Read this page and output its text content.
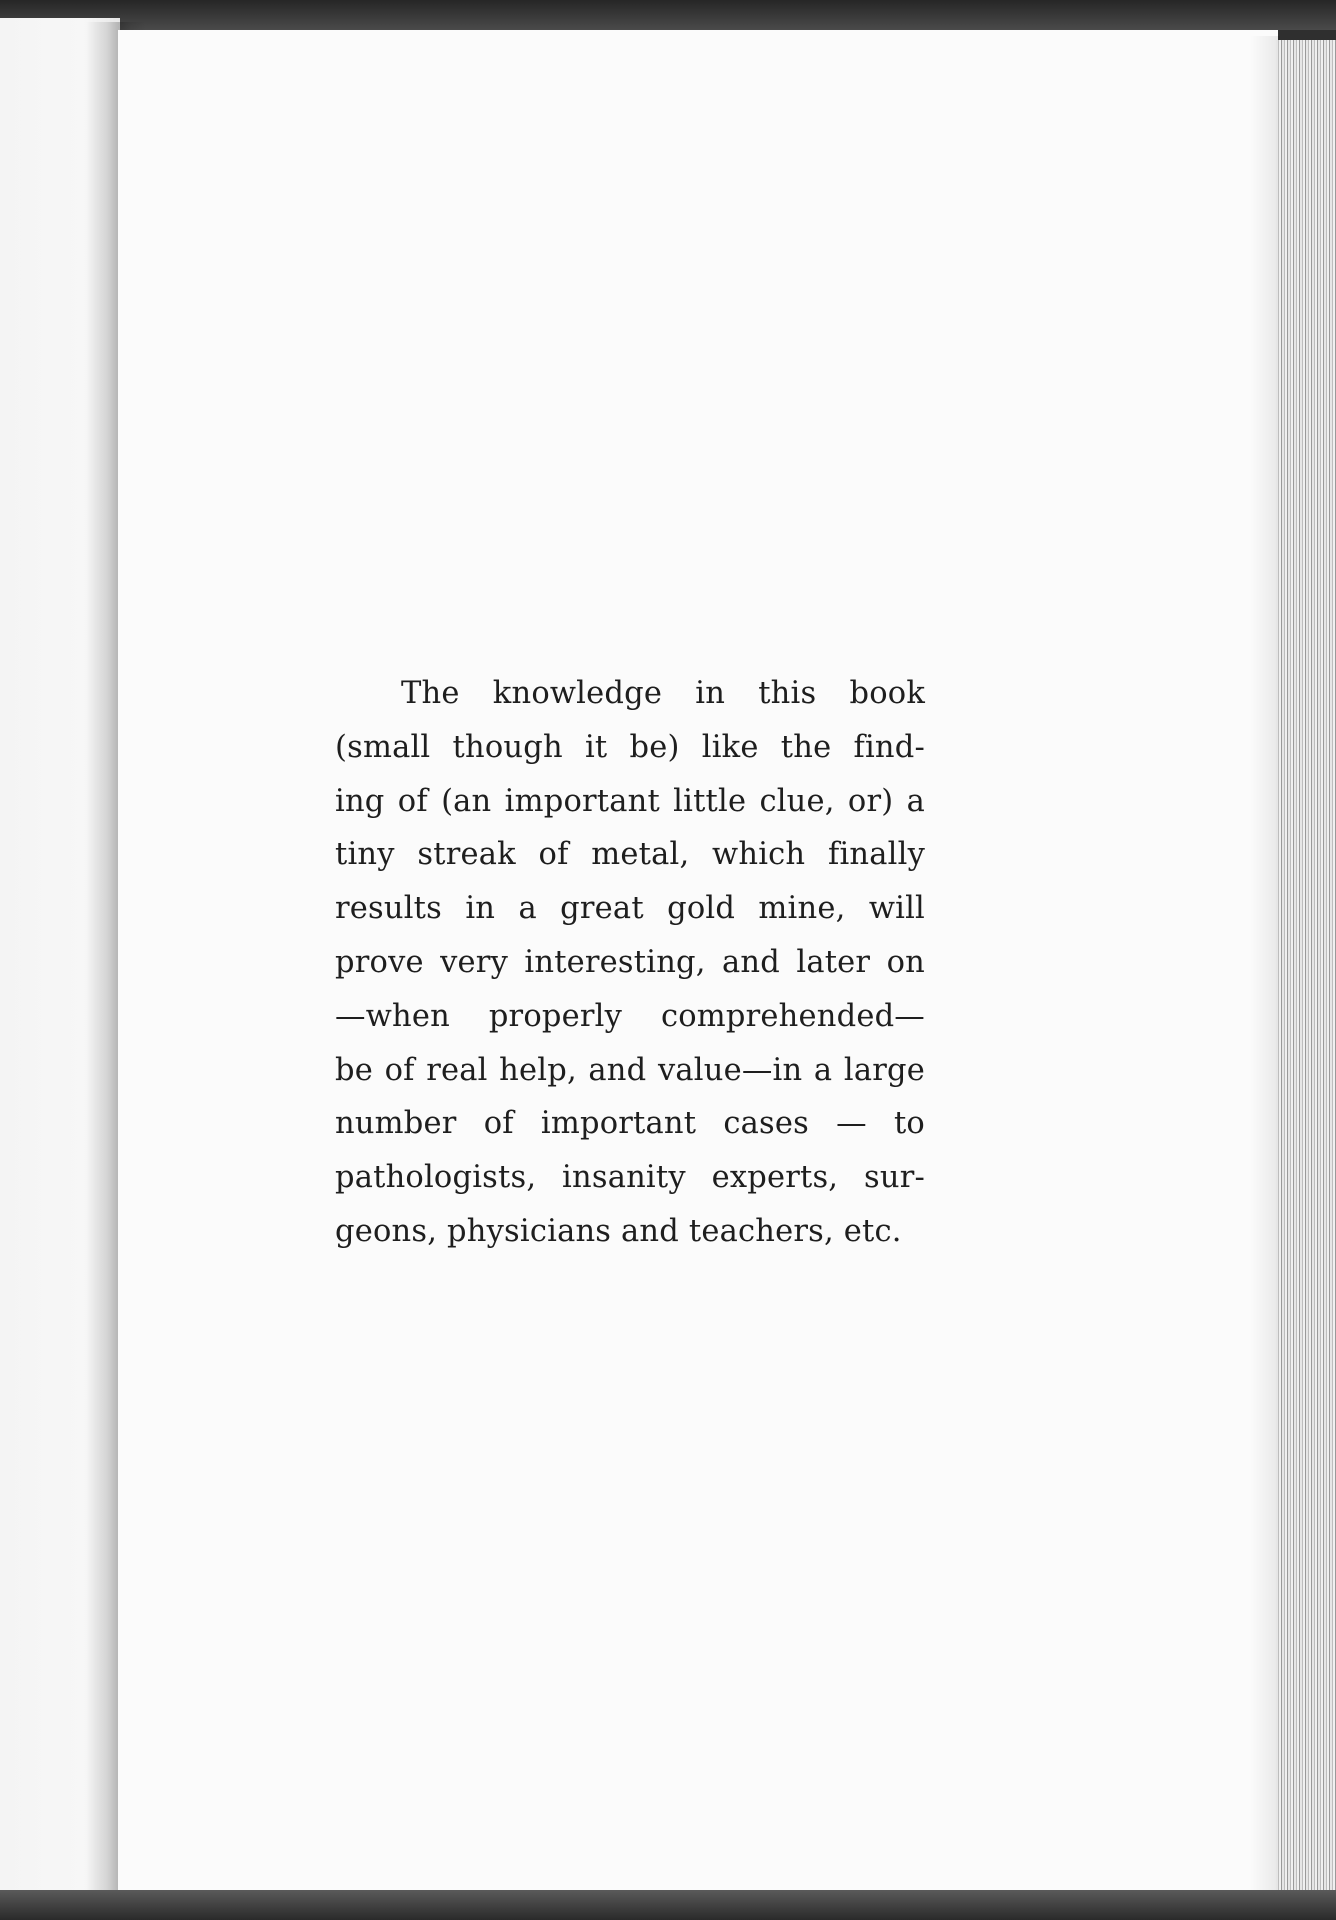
The knowledge in this book
(small though it be) like the find-
ing of (an important little clue, or) a
tiny streak of metal, which finally
results in a great gold mine, will
prove very interesting, and later on
—when properly comprehended—
be of real help, and value—in a large
number of important cases — to
pathologists, insanity experts, sur-
geons, physicians and teachers, etc.
